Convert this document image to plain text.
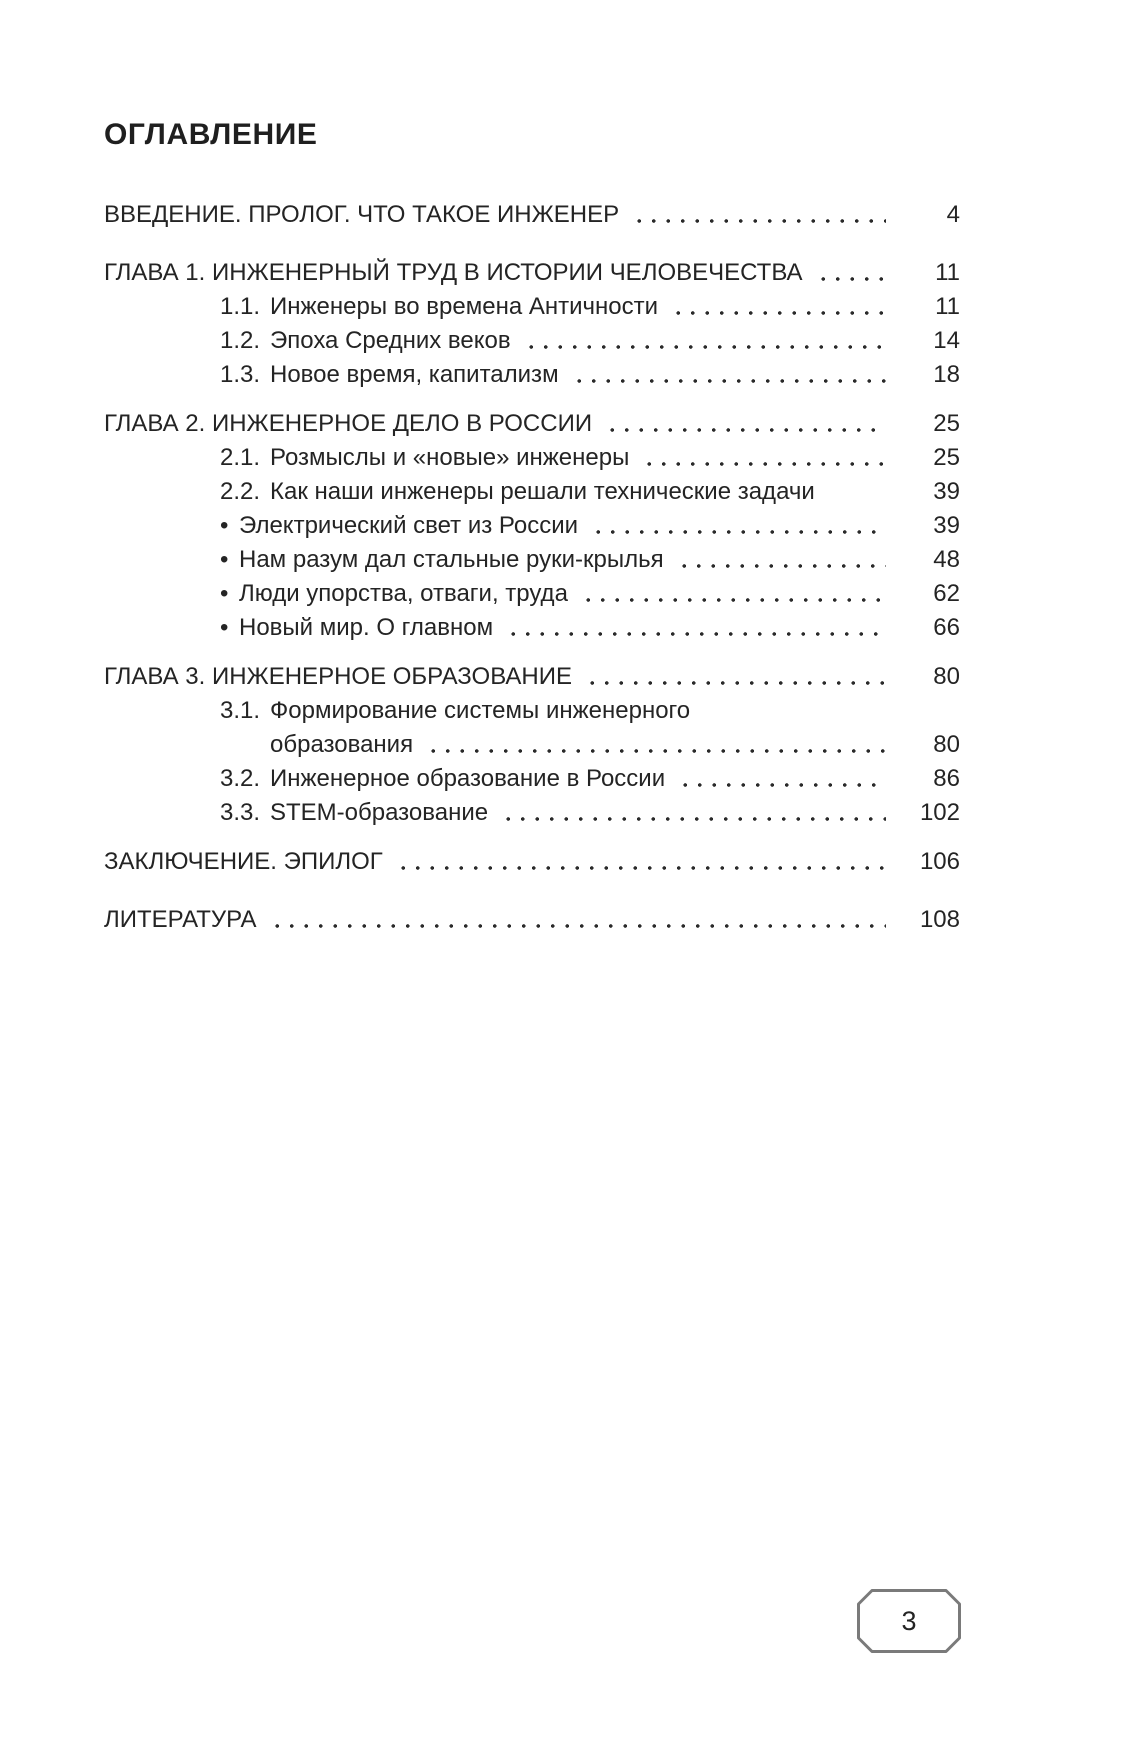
ОГЛАВЛЕНИЕ
ВВЕДЕНИЕ. ПРОЛОГ. ЧТО ТАКОЕ ИНЖЕНЕР	4
ГЛАВА 1. ИНЖЕНЕРНЫЙ ТРУД В ИСТОРИИ ЧЕЛОВЕЧЕСТВА	11
1.1. Инженеры во времена Античности	11
1.2. Эпоха Средних веков	14
1.3. Новое время, капитализм	18
ГЛАВА 2. ИНЖЕНЕРНОЕ ДЕЛО В РОССИИ	25
2.1. Розмыслы и «новые» инженеры	25
2.2. Как наши инженеры решали технические задачи	39
• Электрический свет из России	39
• Нам разум дал стальные руки-крылья	48
• Люди упорства, отваги, труда	62
• Новый мир. О главном	66
ГЛАВА 3. ИНЖЕНЕРНОЕ ОБРАЗОВАНИЕ	80
3.1. Формирование системы инженерного
образования	80
3.2. Инженерное образование в России	86
3.3. STEM-образование	102
ЗАКЛЮЧЕНИЕ. ЭПИЛОГ	106
ЛИТЕРАТУРА	108
3
